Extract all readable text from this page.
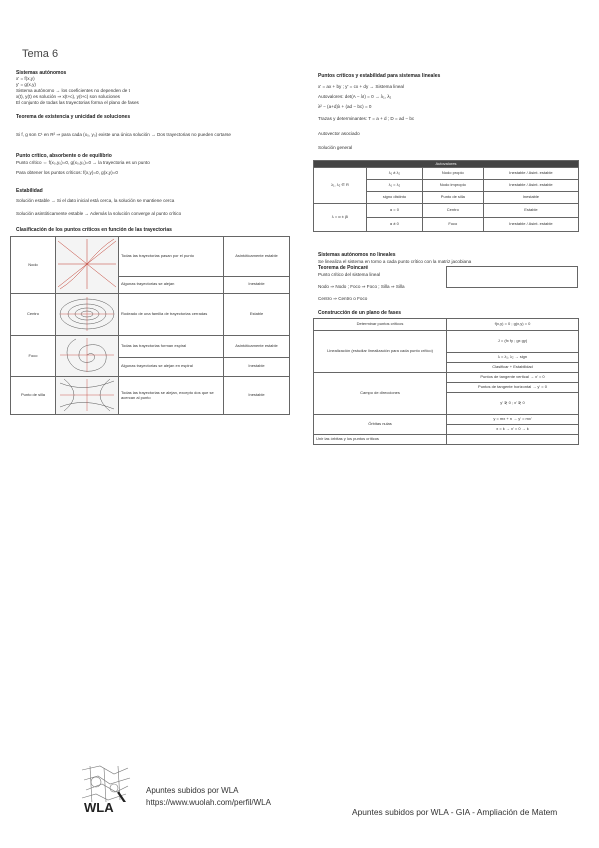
Tema 6
Sistemas autónomos
x' = f(x,y)
y' = g(x,y)
Sistema autónomo → los coeficientes no dependen de t
x(t), y(t) es solución ⇒ x(t+c), y(t+c) son soluciones
El conjunto de todas las trayectorias forma el plano de fases
Teorema de existencia y unicidad de soluciones
Si f, g son C¹ en R² ⇒ para cada (x₀, y₀) existe una única solución → Dos trayectorias no pueden cortarse
Punto crítico, absorbente o de equilibrio
Punto crítico ⇔ f(x₀,y₀)=0, g(x₀,y₀)=0 → la trayectoria es un punto
Para obtener los puntos críticos: f(x,y)=0, g(x,y)=0
Estabilidad
Solución estable → Si el dato inicial está cerca, la solución se mantiene cerca
Solución asintóticamente estable → Además la solución converge al punto crítico
Clasificación de los puntos críticos en función de las trayectorias
Nodo		Todas las trayectorias pasan por el punto	Asintóticamente estable
		Algunas trayectorias se alejan	Inestable
Centro		Rodeado de una familia de trayectorias cerradas	Estable
Foco		Todas las trayectorias forman espiral	Asintóticamente estable
		Algunas trayectorias se alejan en espiral	Inestable
Punto de silla		Todas las trayectorias se alejan, excepto dos que se acercan al punto	Inestable
Puntos críticos y estabilidad para sistemas lineales
x' = ax + by ; y' = cx + dy → Sistema lineal
Autovalores: det(A − λI) = 0 → λ₁, λ₂
λ² − (a+d)λ + (ad − bc) = 0
Trazas y determinantes: T = a + d ; D = ad − bc
Autovector asociado
Solución general
Autovalores			
λ₁, λ₂ ∈ R	λ₁ ≠ λ₂	Nodo propio	Inestable / Asint. estable
	λ₁ = λ₂	Nodo impropio	Inestable / Asint. estable
	signo distinto	Punto de silla	Inestable
λ = α ± βi	α = 0	Centro	Estable
	α ≠ 0	Foco	Inestable / Asint. estable
Sistemas autónomos no lineales
Se linealiza el sistema en torno a cada punto crítico con la matriz jacobiana
Teorema de Poincaré
Punto crítico del sistema lineal
Nodo ⇒ Nodo ; Foco ⇒ Foco ; Silla ⇒ Silla
Centro ⇒ Centro o Foco
Construcción de un plano de fases
Determinar puntos críticos	f(x,y) = 0 ; g(x,y) = 0
Linealización (estudiar linealización para cada punto crítico)	J = (fx fy ; gx gy)
	λ = λ₁, λ₂ → sign
	Clasificar + Estabilidad
Campo de direcciones	Puntos de tangente vertical → x' = 0
	Puntos de tangente horizontal → y' = 0
	y' ≷ 0 ; x' ≷ 0
Órbitas nulas	y = mx + n → y' = mx'
	x = k → x' = 0 → k
Unir las órbitas y los puntos críticos	
WLA
Apuntes subidos por WLA
https://www.wuolah.com/perfil/WLA
Apuntes subidos por WLA - GIA - Ampliación de Matem
